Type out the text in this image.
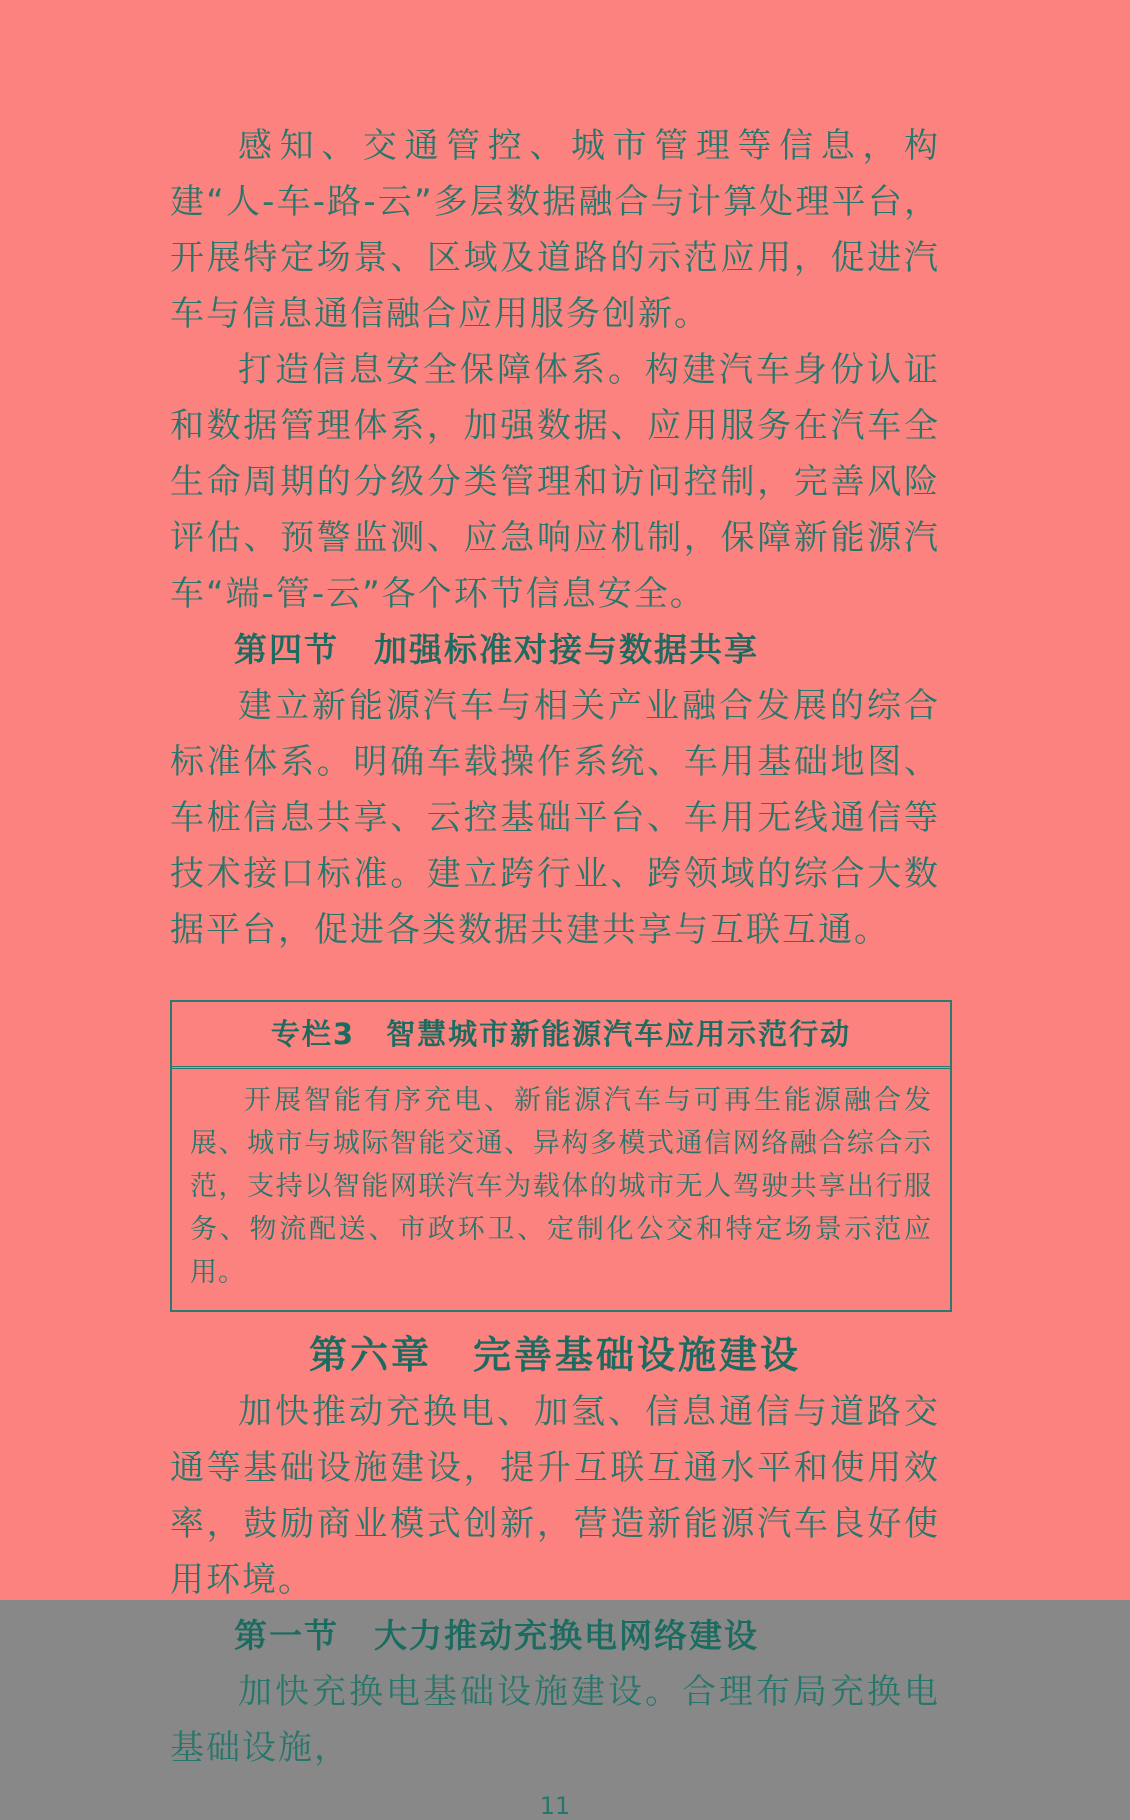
感知、交通管控、城市管理等信息，构建“人-车-路-云”多层数据融合与计算处理平台，开展特定场景、区域及道路的示范应用，促进汽车与信息通信融合应用服务创新。

打造信息安全保障体系。构建汽车身份认证和数据管理体系，加强数据、应用服务在汽车全生命周期的分级分类管理和访问控制，完善风险评估、预警监测、应急响应机制，保障新能源汽车“端-管-云”各个环节信息安全。

第四节　加强标准对接与数据共享

建立新能源汽车与相关产业融合发展的综合标准体系。明确车载操作系统、车用基础地图、车桩信息共享、云控基础平台、车用无线通信等技术接口标准。建立跨行业、跨领域的综合大数据平台，促进各类数据共建共享与互联互通。

专栏3　智慧城市新能源汽车应用示范行动

开展智能有序充电、新能源汽车与可再生能源融合发展、城市与城际智能交通、异构多模式通信网络融合综合示范，支持以智能网联汽车为载体的城市无人驾驶共享出行服务、物流配送、市政环卫、定制化公交和特定场景示范应用。

第六章　完善基础设施建设

加快推动充换电、加氢、信息通信与道路交通等基础设施建设，提升互联互通水平和使用效率，鼓励商业模式创新，营造新能源汽车良好使用环境。

第一节　大力推动充换电网络建设

加快充换电基础设施建设。合理布局充换电基础设施，

11
